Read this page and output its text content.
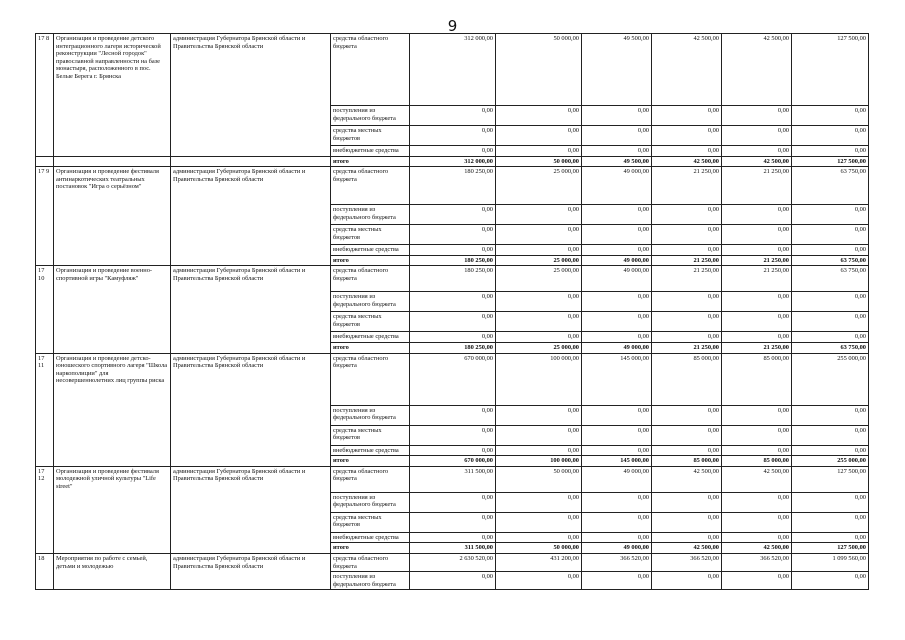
9
17 8	Организация и проведение детского интеграционного лагеря исторической реконструкции "Лесной городок" православной направленности на базе монастыря, расположенного в пос. Белые Берега г. Брянска	администрация Губернатора Брянской области и Правительства Брянской области	средства областного бюджета	312 000,00	50 000,00	49 500,00	42 500,00	42 500,00	127 500,00
			поступления из федерального бюджета	0,00	0,00	0,00	0,00	0,00	0,00
			средства местных бюджетов	0,00	0,00	0,00	0,00	0,00	0,00
			внебюджетные средства	0,00	0,00	0,00	0,00	0,00	0,00
			итого	312 000,00	50 000,00	49 500,00	42 500,00	42 500,00	127 500,00
17 9	Организация и проведение фестиваля антинаркотических театральных постановок "Игра о серьёзном"	администрация Губернатора Брянской области и Правительства Брянской области	средства областного бюджета	180 250,00	25 000,00	49 000,00	21 250,00	21 250,00	63 750,00
			поступления из федерального бюджета	0,00	0,00	0,00	0,00	0,00	0,00
			средства местных бюджетов	0,00	0,00	0,00	0,00	0,00	0,00
			внебюджетные средства	0,00	0,00	0,00	0,00	0,00	0,00
			итого	180 250,00	25 000,00	49 000,00	21 250,00	21 250,00	63 750,00
17 10	Организация и проведение военно-спортивной игры "Камуфляж"	администрация Губернатора Брянской области и Правительства Брянской области	средства областного бюджета	180 250,00	25 000,00	49 000,00	21 250,00	21 250,00	63 750,00
			поступления из федерального бюджета	0,00	0,00	0,00	0,00	0,00	0,00
			средства местных бюджетов	0,00	0,00	0,00	0,00	0,00	0,00
			внебюджетные средства	0,00	0,00	0,00	0,00	0,00	0,00
			итого	180 250,00	25 000,00	49 000,00	21 250,00	21 250,00	63 750,00
17 11	Организация и проведение детско-юношеского спортивного лагеря "Школа наркополиции" для несовершеннолетних лиц группы риска	администрация Губернатора Брянской области и Правительства Брянской области	средства областного бюджета	670 000,00	100 000,00	145 000,00	85 000,00	85 000,00	255 000,00
			поступления из федерального бюджета	0,00	0,00	0,00	0,00	0,00	0,00
			средства местных бюджетов	0,00	0,00	0,00	0,00	0,00	0,00
			внебюджетные средства	0,00	0,00	0,00	0,00	0,00	0,00
			итого	670 000,00	100 000,00	145 000,00	85 000,00	85 000,00	255 000,00
17 12	Организация и проведение фестиваля молодежной уличной культуры "Life street"	администрация Губернатора Брянской области и Правительства Брянской области	средства областного бюджета	311 500,00	50 000,00	49 000,00	42 500,00	42 500,00	127 500,00
			поступления из федерального бюджета	0,00	0,00	0,00	0,00	0,00	0,00
			средства местных бюджетов	0,00	0,00	0,00	0,00	0,00	0,00
			внебюджетные средства	0,00	0,00	0,00	0,00	0,00	0,00
			итого	311 500,00	50 000,00	49 000,00	42 500,00	42 500,00	127 500,00
18	Мероприятия по работе с семьей, детьми и молодежью	администрация Губернатора Брянской области и Правительства Брянской области	средства областного бюджета	2 630 520,00	431 200,00	366 520,00	366 520,00	366 520,00	1 099 560,00
			поступления из федерального бюджета	0,00	0,00	0,00	0,00	0,00	0,00
